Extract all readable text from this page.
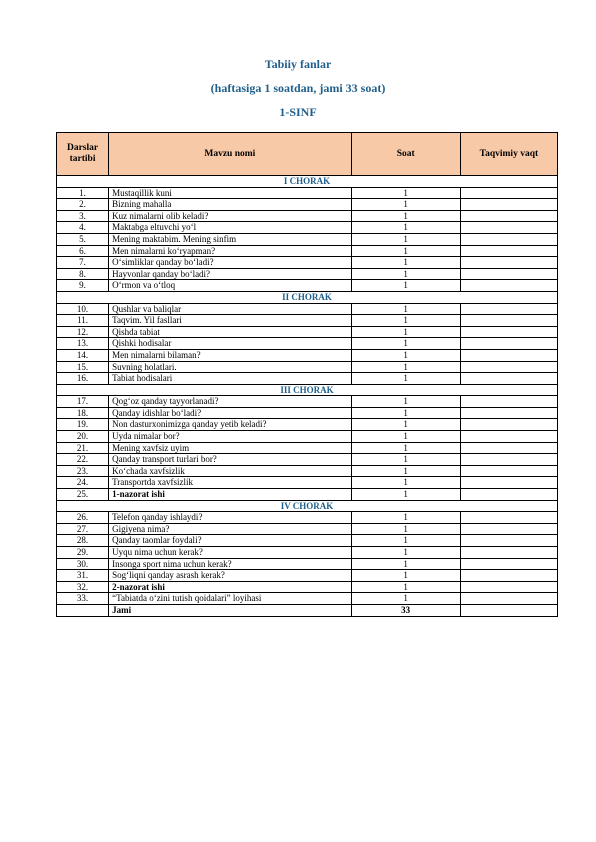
Tabiiy fanlar
(haftasiga 1 soatdan, jami 33 soat)
1-SINF
Darslar tartibi	Mavzu nomi	Soat	Taqvimiy vaqt
I CHORAK			
1.	Mustaqillik kuni	1	
2.	Bizning mahalla	1	
3.	Kuz nimalarni olib keladi?	1	
4.	Maktabga eltuvchi yo‘l	1	
5.	Mening maktabim. Mening sinfim	1	
6.	Men nimalarni ko‘ryapman?	1	
7.	O‘simliklar qanday bo‘ladi?	1	
8.	Hayvonlar qanday bo‘ladi?	1	
9.	O‘rmon va o‘tloq	1	
II CHORAK			
10.	Qushlar va baliqlar	1	
11.	Taqvim. Yil fasllari	1	
12.	Qishda tabiat	1	
13.	Qishki hodisalar	1	
14.	Men nimalarni bilaman?	1	
15.	Suvning holatlari.	1	
16.	Tabiat hodisalari	1	
III CHORAK			
17.	Qog‘oz qanday tayyorlanadi?	1	
18.	Qanday idishlar bo‘ladi?	1	
19.	Non dasturxonimizga qanday yetib keladi?	1	
20.	Uyda nimalar bor?	1	
21.	Mening xavfsiz uyim	1	
22.	Qanday transport turlari bor?	1	
23.	Ko‘chada xavfsizlik	1	
24.	Transportda xavfsizlik	1	
25.	1-nazorat ishi	1	
IV CHORAK			
26.	Telefon qanday ishlaydi?	1	
27.	Gigiyena nima?	1	
28.	Qanday taomlar foydali?	1	
29.	Uyqu nima uchun kerak?	1	
30.	Insonga sport nima uchun kerak?	1	
31.	Sog‘liqni qanday asrash kerak?	1	
32.	2-nazorat ishi	1	
33.	“Tabiatda o‘zini tutish qoidalari” loyihasi	1	
	Jami	33	
